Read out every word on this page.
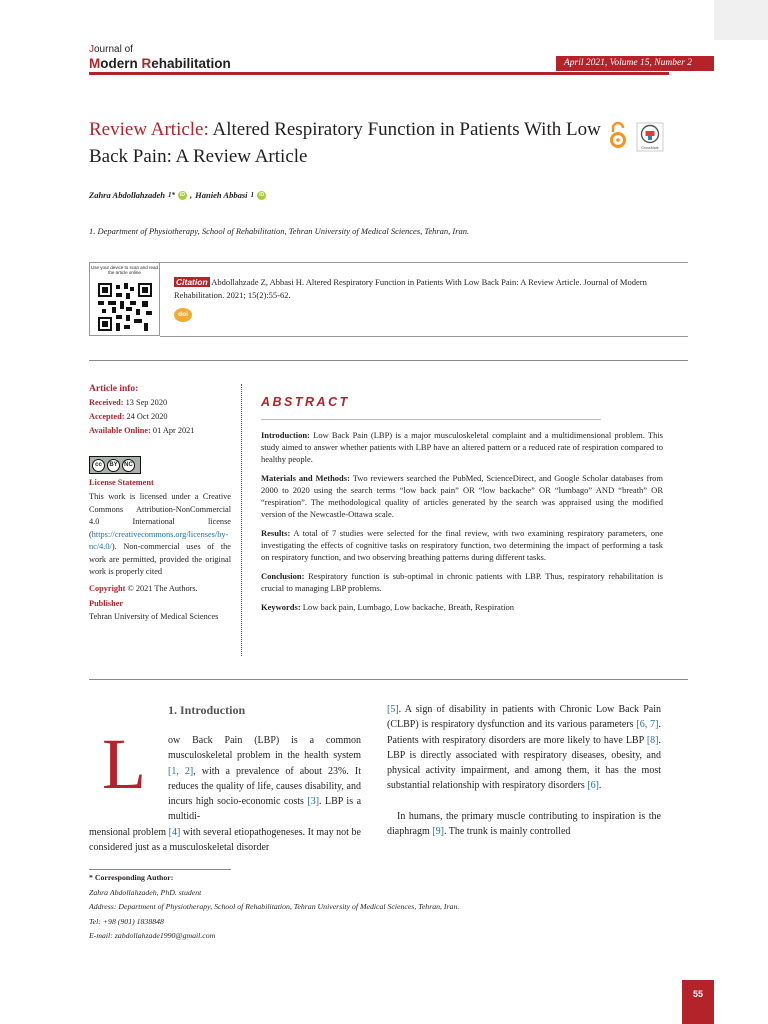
Journal of
Modern Rehabilitation	April 2021, Volume 15, Number 2
Review Article: Altered Respiratory Function in Patients With Low Back Pain: A Review Article	CrossMark
Zahra Abdollahzadeh 1*	iD , Hanieh Abbasi 1	iD
1. Department of Physiotherapy, School of Rehabilitation, Tehran University of Medical Sciences, Tehran, Iran.
Use your device to scan and read the article online
Citation Abdollahzade Z, Abbasi H. Altered Respiratory Function in Patients With Low Back Pain: A Review Article. Journal of Modern Rehabilitation. 2021; 15(2):55-62.
doi
Article info:
Received: 13 Sep 2020
Accepted: 24 Oct 2020
Available Online: 01 Apr 2021
cc	BY	NC
License Statement

This work is licensed under a Creative Commons Attribution-NonCommercial 4.0 International license (https://creativecommons.org/licenses/by-nc/4.0/). Non-commercial uses of the work are permitted, provided the original work is properly cited

Copyright © 2021 The Authors.
Publisher

Tehran University of Medical Sciences

ABSTRACT

Introduction: Low Back Pain (LBP) is a major musculoskeletal complaint and a multidimensional problem. This study aimed to answer whether patients with LBP have an altered pattern or a reduced rate of respiration compared to healthy people.

Materials and Methods: Two reviewers searched the PubMed, ScienceDirect, and Google Scholar databases from 2000 to 2020 using the search terms “low back pain” OR “low backache” OR “lumbago” AND “breath” OR “respiration”. The methodological quality of articles generated by the search was appraised using the modified version of the Newcastle-Ottawa scale.

Results: A total of 7 studies were selected for the final review, with two examining respiratory parameters, one investigating the effects of cognitive tasks on respiratory function, two determining the impact of performing a task on respiratory function, and two observing breathing patterns during different tasks.

Conclusion: Respiratory function is sub-optimal in chronic patients with LBP. Thus, respiratory rehabilitation is crucial to managing LBP problems.

Keywords: Low back pain, Lumbago, Low backache, Breath, Respiration

1. Introduction
L ow Back Pain (LBP) is a common musculoskeletal problem in the health system [1, 2], with a prevalence of about 23%. It reduces the quality of life, causes disability, and incurs high socio-economic costs [3]. LBP is a multidi-
mensional problem [4] with several etiopathogeneses. It may not be considered just as a musculoskeletal disorder

[5]. A sign of disability in patients with Chronic Low Back Pain (CLBP) is respiratory dysfunction and its various parameters [6, 7]. Patients with respiratory disorders are more likely to have LBP [8]. LBP is directly associated with respiratory diseases, obesity, and physical activity impairment, and among them, it has the most substantial relationship with respiratory disorders [6].

In humans, the primary muscle contributing to inspiration is the diaphragm [9]. The trunk is mainly controlled

* Corresponding Author:
Zahra Abdollahzadeh, PhD. student
Address: Department of Physiotherapy, School of Rehabilitation, Tehran University of Medical Sciences, Tehran, Iran.
Tel: +98 (901) 1838848
E-mail: zabdollahzade1990@gmail.com
55
